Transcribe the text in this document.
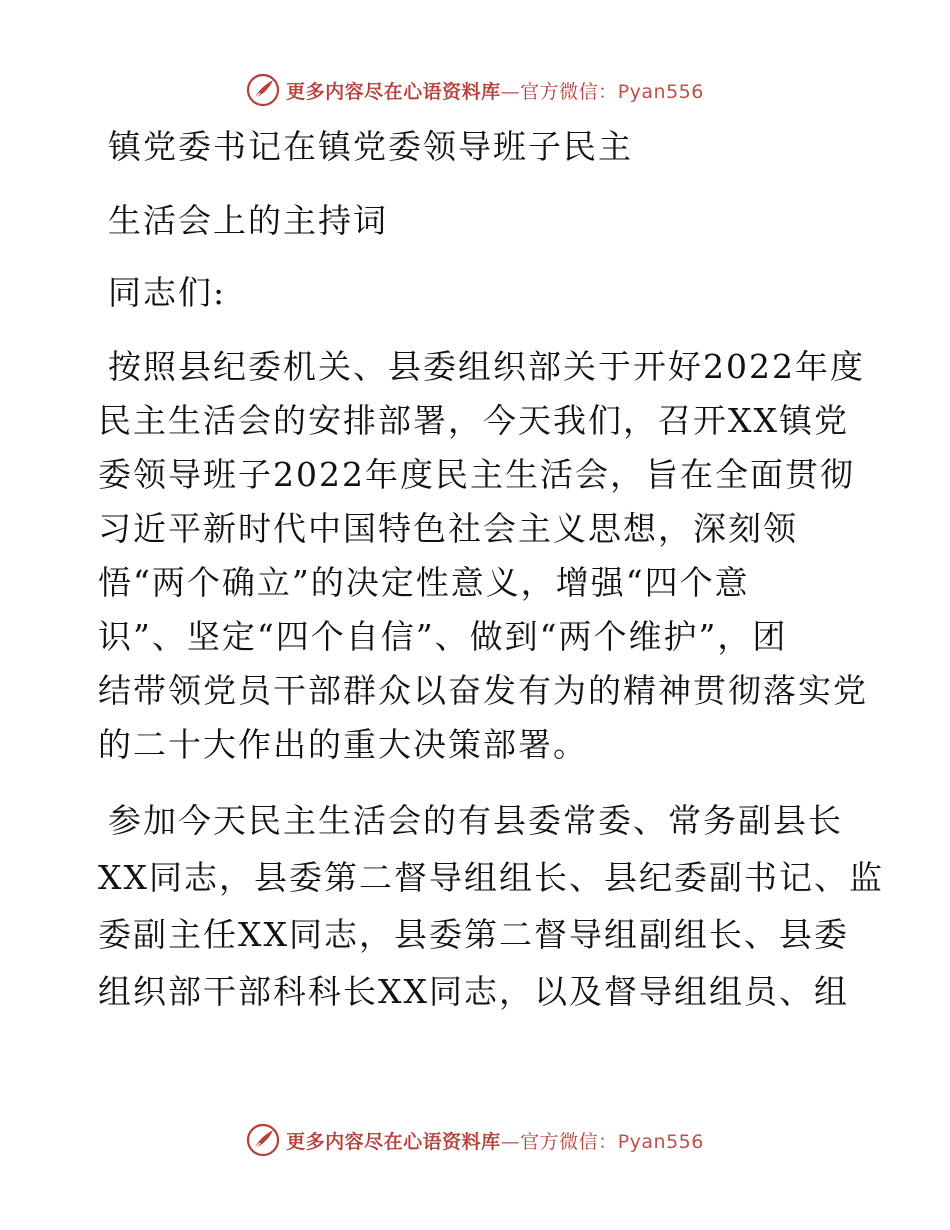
更多内容尽在心语资料库—官方微信：Pyan556
镇党委书记在镇党委领导班子民主
生活会上的主持词
同志们:
按照县纪委机关、县委组织部关于开好2022年度
民主生活会的安排部署，今天我们，召开XX镇党
委领导班子2022年度民主生活会，旨在全面贯彻
习近平新时代中国特色社会主义思想，深刻领
悟“两个确立”的决定性意义，增强“四个意
识”、坚定“四个自信”、做到“两个维护”，团
结带领党员干部群众以奋发有为的精神贯彻落实党
的二十大作出的重大决策部署。
参加今天民主生活会的有县委常委、常务副县长
XX同志，县委第二督导组组长、县纪委副书记、监
委副主任XX同志，县委第二督导组副组长、县委
组织部干部科科长XX同志，以及督导组组员、组
更多内容尽在心语资料库—官方微信：Pyan556
